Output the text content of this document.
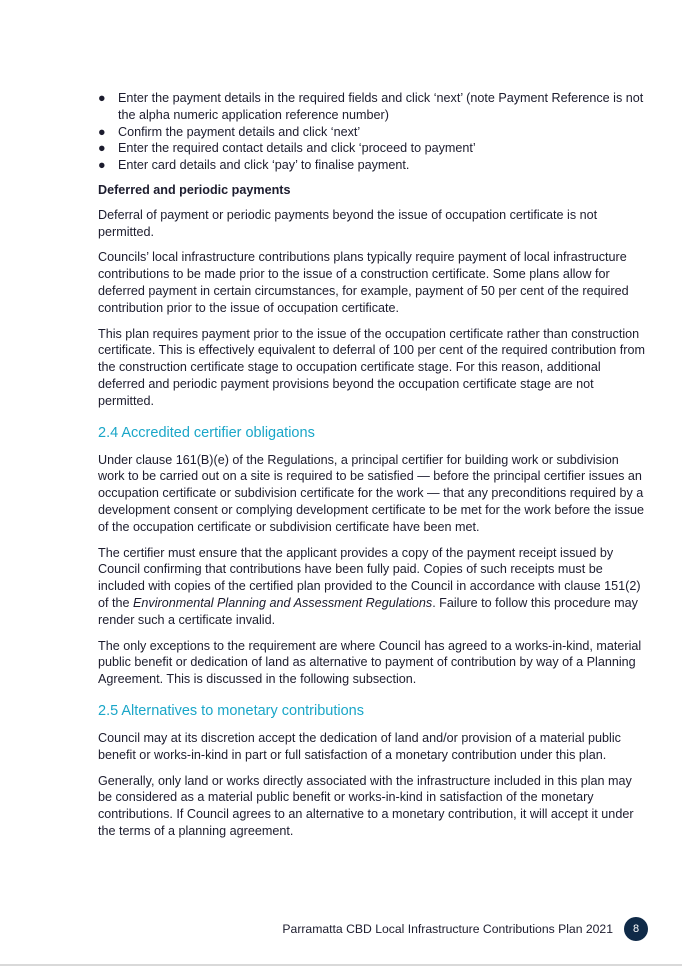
● Enter the payment details in the required fields and click ‘next’ (note Payment Reference is not the alpha numeric application reference number)
● Confirm the payment details and click ‘next’
● Enter the required contact details and click ‘proceed to payment’
● Enter card details and click ‘pay’ to finalise payment.
Deferred and periodic payments

Deferral of payment or periodic payments beyond the issue of occupation certificate is not permitted.

Councils’ local infrastructure contributions plans typically require payment of local infrastructure contributions to be made prior to the issue of a construction certificate. Some plans allow for deferred payment in certain circumstances, for example, payment of 50 per cent of the required contribution prior to the issue of occupation certificate.

This plan requires payment prior to the issue of the occupation certificate rather than construction certificate. This is effectively equivalent to deferral of 100 per cent of the required contribution from the construction certificate stage to occupation certificate stage. For this reason, additional deferred and periodic payment provisions beyond the occupation certificate stage are not permitted.

2.4 Accredited certifier obligations

Under clause 161(B)(e) of the Regulations, a principal certifier for building work or subdivision work to be carried out on a site is required to be satisfied — before the principal certifier issues an occupation certificate or subdivision certificate for the work — that any preconditions required by a development consent or complying development certificate to be met for the work before the issue of the occupation certificate or subdivision certificate have been met.

The certifier must ensure that the applicant provides a copy of the payment receipt issued by Council confirming that contributions have been fully paid. Copies of such receipts must be included with copies of the certified plan provided to the Council in accordance with clause 151(2) of the Environmental Planning and Assessment Regulations. Failure to follow this procedure may render such a certificate invalid.

The only exceptions to the requirement are where Council has agreed to a works-in-kind, material public benefit or dedication of land as alternative to payment of contribution by way of a Planning Agreement. This is discussed in the following subsection.

2.5 Alternatives to monetary contributions

Council may at its discretion accept the dedication of land and/or provision of a material public benefit or works-in-kind in part or full satisfaction of a monetary contribution under this plan.

Generally, only land or works directly associated with the infrastructure included in this plan may be considered as a material public benefit or works-in-kind in satisfaction of the monetary contributions. If Council agrees to an alternative to a monetary contribution, it will accept it under the terms of a planning agreement.

Parramatta CBD Local Infrastructure Contributions Plan 2021	8
